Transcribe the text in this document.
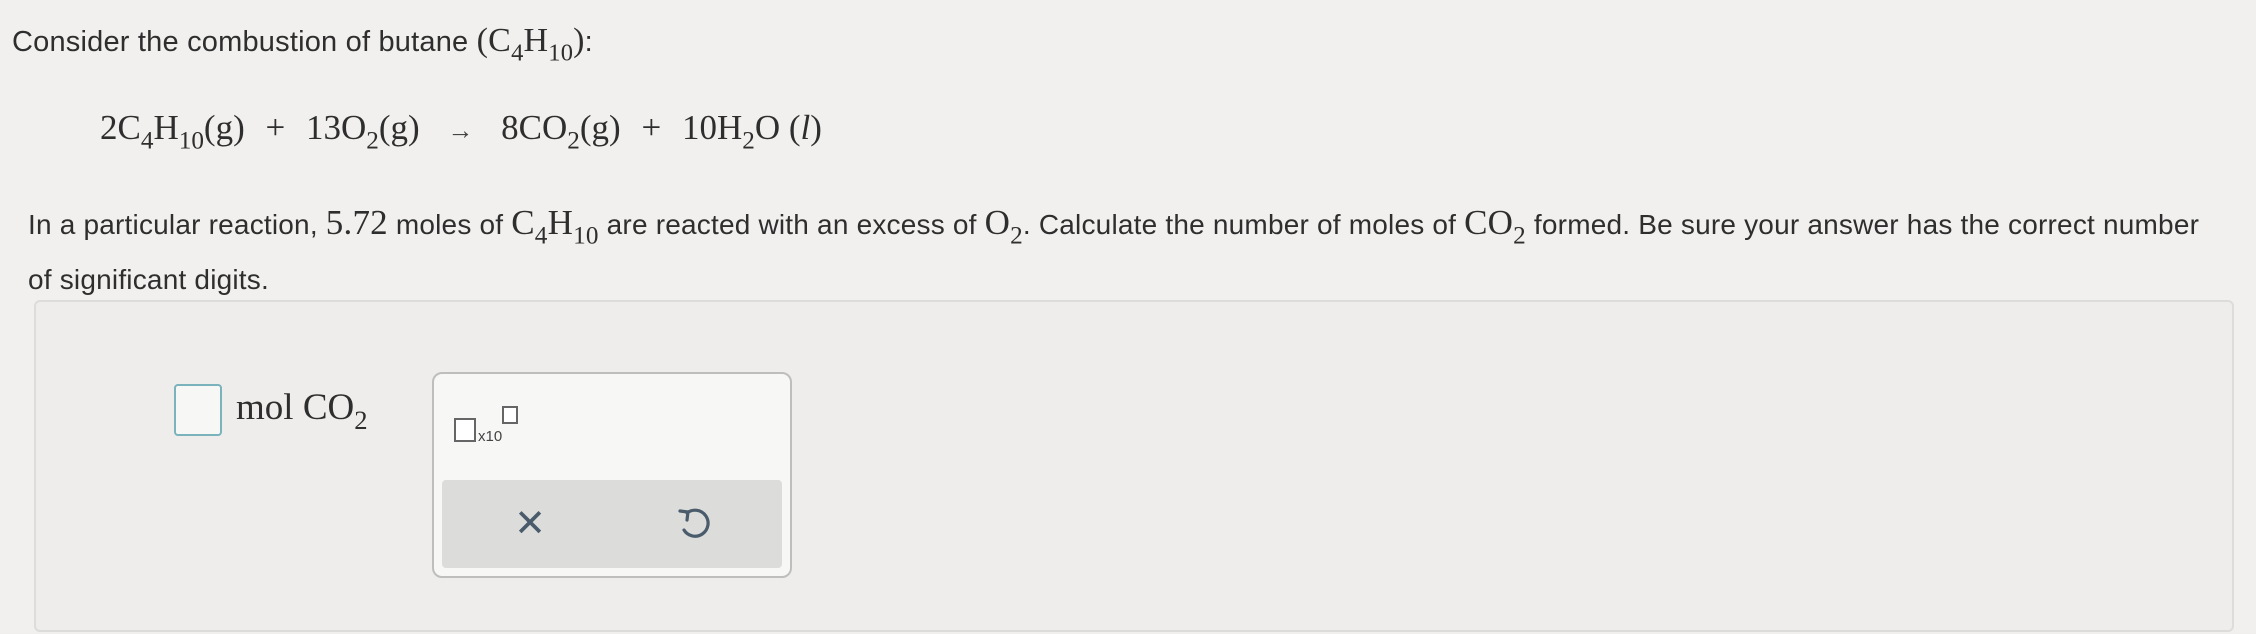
Consider the combustion of butane $(C_4H_{10})$:
$2C_4H_{10}(g) + 13O_2(g) \to 8CO_2(g) + 10H_2O$ (l)
In a particular reaction, 5.72 moles of $C_4H_{10}$ are reacted with an excess of $O_2$. Calculate the number of moles of $CO_2$ formed. Be sure your answer has the correct number of significant digits.
mol $CO_2$
x10
✕
